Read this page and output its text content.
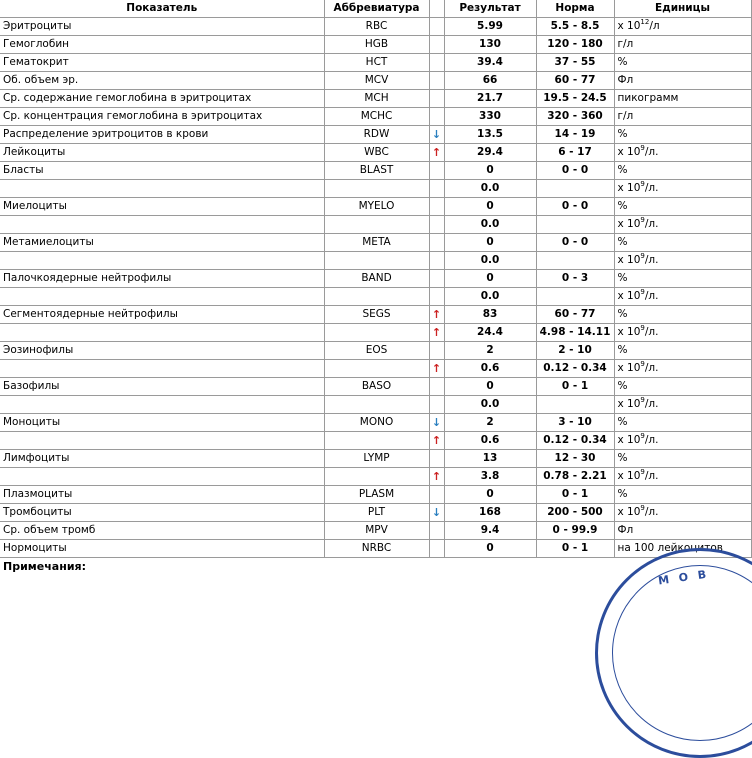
Показатель	Аббревиатура		Результат	Норма	Единицы
Эритроциты	RBC		5.99	5.5 - 8.5	x $10^{12}/л$
Гемоглобин	HGB		130	120 - 180	г/л
Гематокрит	HCT		39.4	37 - 55	%
Об. объем эр.	MCV		66	60 - 77	Фл
Ср. содержание гемоглобина в эритроцитах	MCH		21.7	19.5 - 24.5	пикограмм
Ср. концентрация гемоглобина в эритроцитах	MCHC		330	320 - 360	г/л
Распределение эритроцитов в крови	RDW	↓	13.5	14 - 19	%
Лейкоциты	WBC	↑	29.4	6 - 17	x $10^9/л$.
Бласты	BLAST		0	0 - 0	%
			0.0		x $10^9/л$.
Миелоциты	MYELO		0	0 - 0	%
			0.0		x $10^9/л$.
Метамиелоциты	META		0	0 - 0	%
			0.0		x $10^9/л$.
Палочкоядерные нейтрофилы	BAND		0	0 - 3	%
			0.0		x $10^9/л$.
Сегментоядерные нейтрофилы	SEGS	↑	83	60 - 77	%
		↑	24.4	4.98 - 14.11	x $10^9/л$.
Эозинофилы	EOS		2	2 - 10	%
		↑	0.6	0.12 - 0.34	x $10^9/л$.
Базофилы	BASO		0	0 - 1	%
			0.0		x $10^9/л$.
Моноциты	MONO	↓	2	3 - 10	%
		↑	0.6	0.12 - 0.34	x $10^9/л$.
Лимфоциты	LYMP		13	12 - 30	%
		↑	3.8	0.78 - 2.21	x $10^9/л$.
Плазмоциты	PLASM		0	0 - 1	%
Тромбоциты	PLT	↓	168	200 - 500	x $10^9/л$.
Ср. объем тромб	MPV		9.4	0 - 99.9	Фл
Нормоциты	NRBC		0	0 - 1	на 100 лейкоцитов
Примечания:
М О В
